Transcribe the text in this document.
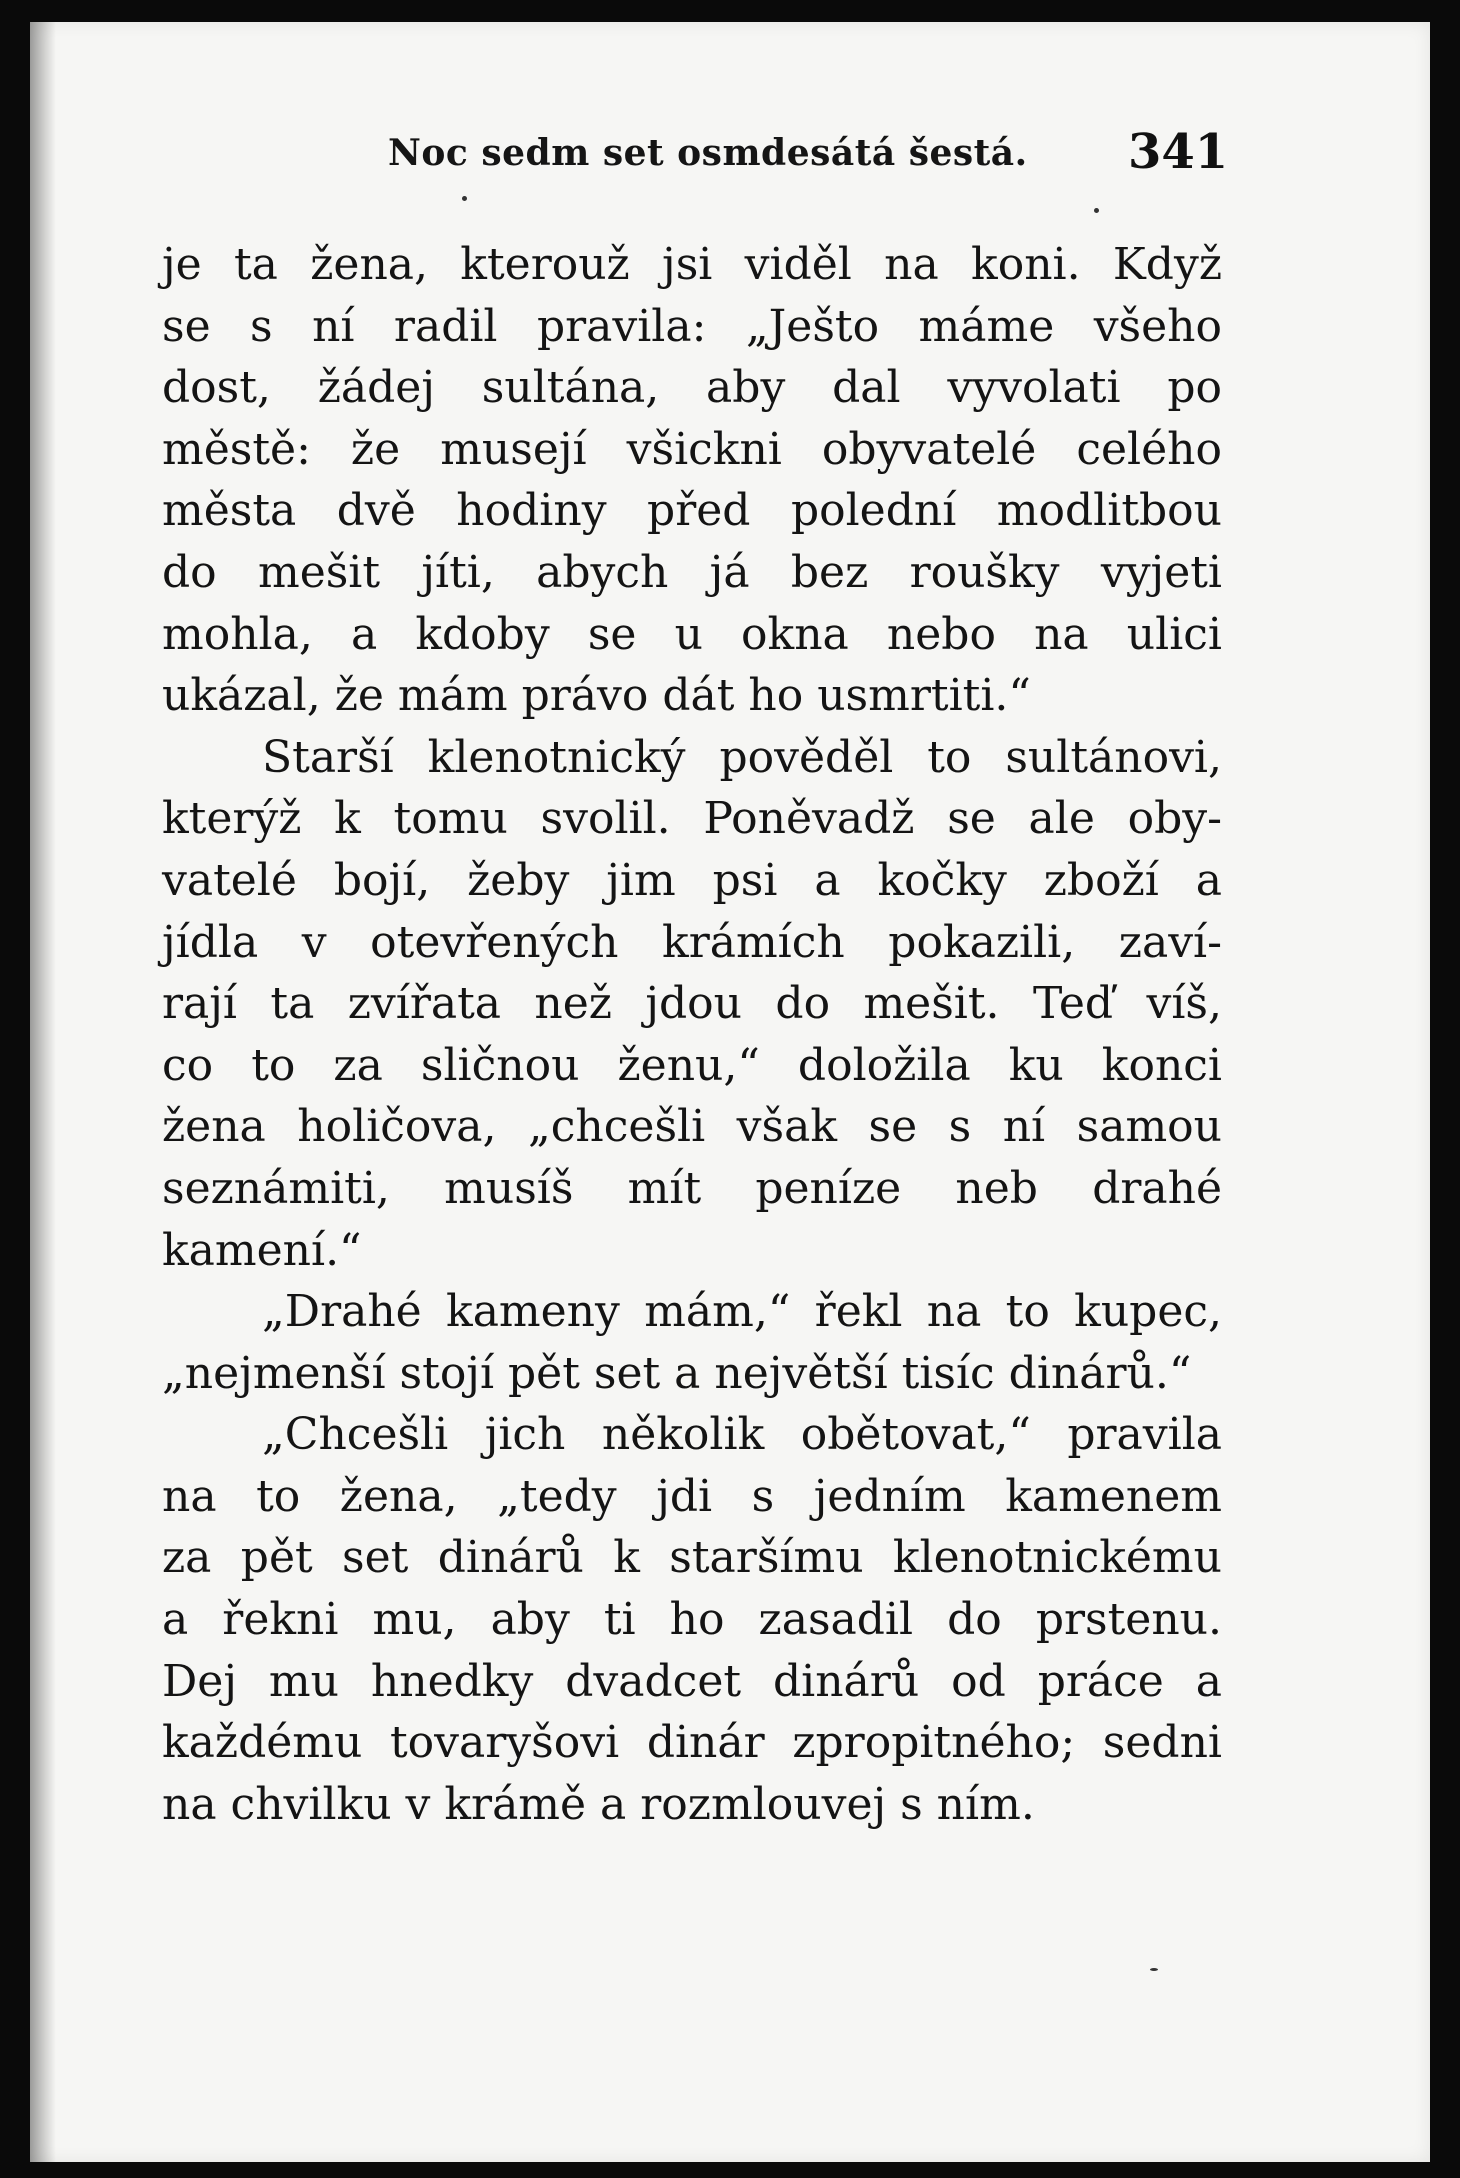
Noc sedm set osmdesátá šestá. 341
je ta žena, kterouž jsi viděl na koni. Když
se s ní radil pravila: „Ješto máme všeho
dost, žádej sultána, aby dal vyvolati po
městě: že musejí všickni obyvatelé celého
města dvě hodiny před polední modlitbou
do mešit jíti, abych já bez roušky vyjeti
mohla, a kdoby se u okna nebo na ulici
ukázal, že mám právo dát ho usmrtiti.“
Starší klenotnický pověděl to sultánovi,
kterýž k tomu svolil. Poněvadž se ale oby-
vatelé bojí, žeby jim psi a kočky zboží a
jídla v otevřených krámích pokazili, zaví-
rají ta zvířata než jdou do mešit. Teď víš,
co to za sličnou ženu,“ doložila ku konci
žena holičova, „chcešli však se s ní samou
seznámiti, musíš mít peníze neb drahé
kamení.“
„Drahé kameny mám,“ řekl na to kupec,
„nejmenší stojí pět set a největší tisíc dinárů.“
„Chcešli jich několik obětovat,“ pravila
na to žena, „tedy jdi s jedním kamenem
za pět set dinárů k staršímu klenotnickému
a řekni mu, aby ti ho zasadil do prstenu.
Dej mu hnedky dvadcet dinárů od práce a
každému tovaryšovi dinár zpropitného; sedni
na chvilku v krámě a rozmlouvej s ním.
